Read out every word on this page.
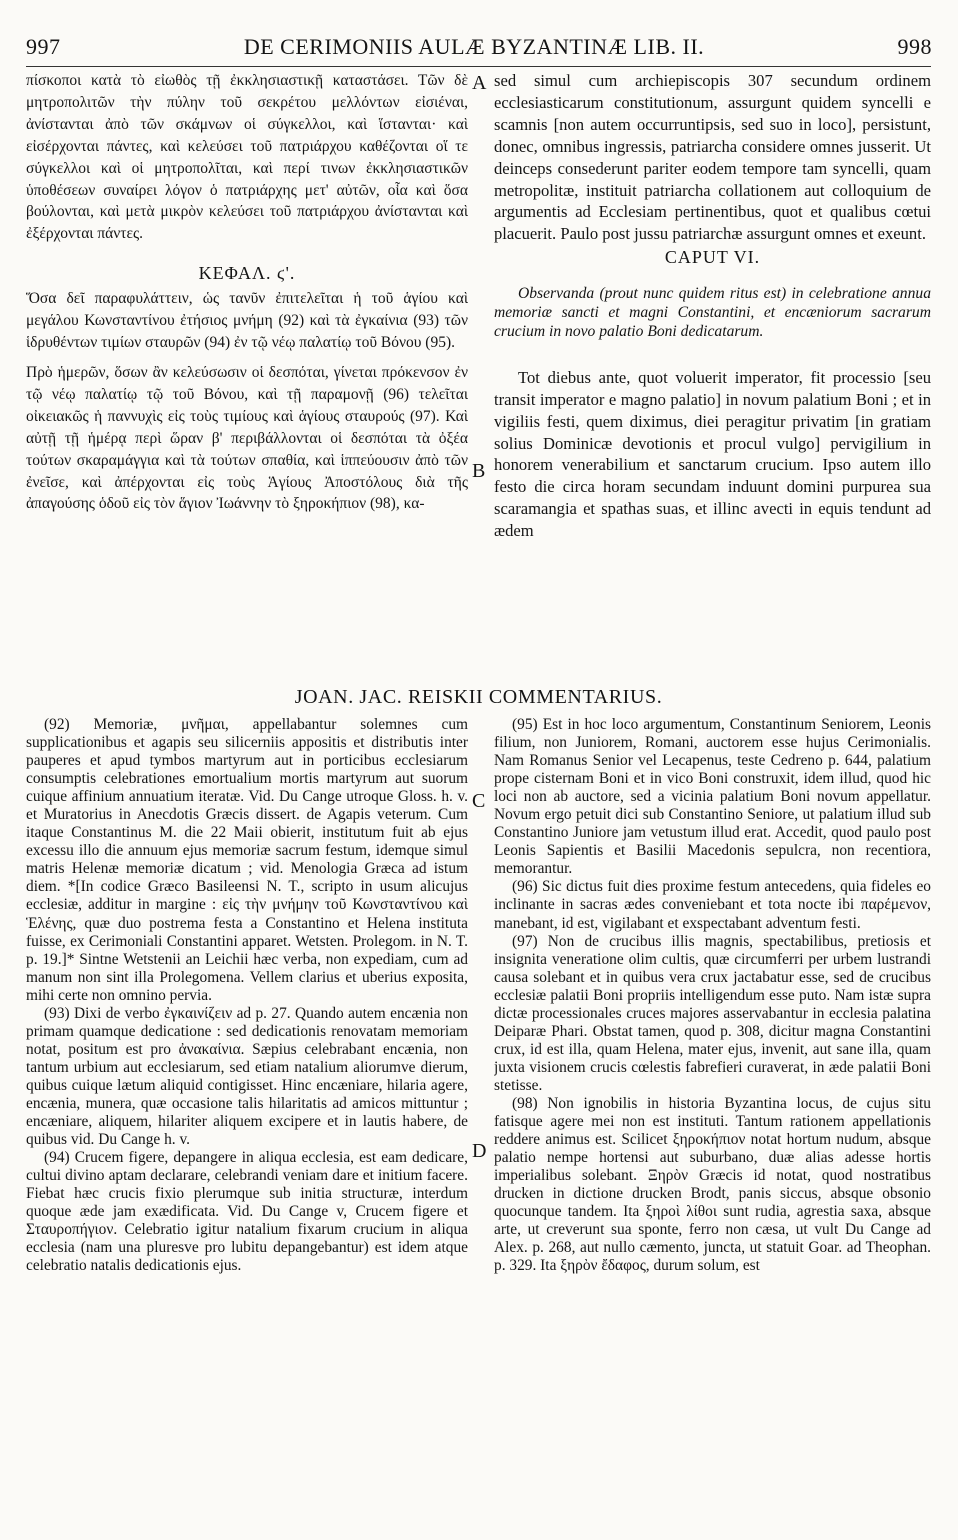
997	DE CERIMONIIS AULÆ BYZANTINÆ LIB. II.	998
A
B
C
D

πίσκοποι κατὰ τὸ εἰωθὸς τῇ ἐκκλησιαστικῇ καταστάσει. Τῶν δὲ μητροπολιτῶν τὴν πύλην τοῦ σεκρέτου μελλόντων εἰσιέναι, ἀνίστανται ἀπὸ τῶν σκάμνων οἱ σύγκελλοι, καὶ ἵστανται· καὶ εἰσέρχονται πάντες, καὶ κελεύσει τοῦ πατριάρχου καθέζονται οἵ τε σύγκελλοι καὶ οἱ μητροπολῖται, καὶ περί τινων ἐκκλησιαστικῶν ὑποθέσεων συναίρει λόγον ὁ πατριάρχης μετ' αὐτῶν, οἷα καὶ ὅσα βούλονται, καὶ μετὰ μικρὸν κελεύσει τοῦ πατριάρχου ἀνίστανται καὶ ἐξέρχονται πάντες.

ΚΕΦΑΛ. ϛ'.

Ὅσα δεῖ παραφυλάττειν, ὡς τανῦν ἐπιτελεῖται ἡ τοῦ ἁγίου καὶ μεγάλου Κωνσταντίνου ἐτήσιος μνήμη (92) καὶ τὰ ἐγκαίνια (93) τῶν ἱδρυθέντων τιμίων σταυρῶν (94) ἐν τῷ νέῳ παλατίῳ τοῦ Βόνου (95).

Πρὸ ἡμερῶν, ὅσων ἂν κελεύσωσιν οἱ δεσπόται, γίνεται πρόκενσον ἐν τῷ νέῳ παλατίῳ τῷ τοῦ Βόνου, καὶ τῇ παραμονῇ (96) τελεῖται οἰκειακῶς ἡ παννυχὶς εἰς τοὺς τιμίους καὶ ἁγίους σταυρούς (97). Καὶ αὐτῇ τῇ ἡμέρᾳ περὶ ὥραν β' περιβάλλονται οἱ δεσπόται τὰ ὀξέα τούτων σκαραμάγγια καὶ τὰ τούτων σπαθία, καὶ ἱππεύουσιν ἀπὸ τῶν ἐνεῖσε, καὶ ἀπέρχονται εἰς τοὺς Ἁγίους Ἀποστόλους διὰ τῆς ἀπαγούσης ὁδοῦ εἰς τὸν ἅγιον Ἰωάννην τὸ ξηροκήπιον (98), κα-

sed simul cum archiepiscopis 307 secundum ordinem ecclesiasticarum constitutionum, assurgunt quidem syncelli e scamnis [non autem occurruntipsis, sed suo in loco], persistunt, donec, omnibus ingressis, patriarcha considere omnes jusserit. Ut deinceps consederunt pariter eodem tempore tam syncelli, quam metropolitæ, instituit patriarcha collationem aut colloquium de argumentis ad Ecclesiam pertinentibus, quot et qualibus cœtui placuerit. Paulo post jussu patriarchæ assurgunt omnes et exeunt.

CAPUT VI.

Observanda (prout nunc quidem ritus est) in celebratione annua memoriæ sancti et magni Constantini, et encæniorum sacrarum crucium in novo palatio Boni dedicatarum.

Tot diebus ante, quot voluerit imperator, fit processio [seu transit imperator e magno palatio] in novum palatium Boni ; et in vigiliis festi, quem diximus, diei peragitur privatim [in gratiam solius Dominicæ devotionis et procul vulgo] pervigilium in honorem venerabilium et sanctarum crucium. Ipso autem illo festo die circa horam secundam induunt domini purpurea sua scaramangia et spathas suas, et illinc avecti in equis tendunt ad ædem

JOAN. JAC. REISKII COMMENTARIUS.

(92) Memoriæ, μνῆμαι, appellabantur solemnes cum supplicationibus et agapis seu silicerniis appositis et distributis inter pauperes et apud tymbos martyrum aut in porticibus ecclesiarum consumptis celebrationes emortualium mortis martyrum aut suorum cuique affinium annuatium iteratæ. Vid. Du Cange utroque Gloss. h. v. et Muratorius in Anecdotis Græcis dissert. de Agapis veterum. Cum itaque Constantinus M. die 22 Maii obierit, institutum fuit ab ejus excessu illo die annuum ejus memoriæ sacrum festum, idemque simul matris Helenæ memoriæ dicatum ; vid. Menologia Græca ad istum diem. *[In codice Græco Basileensi N. T., scripto in usum alicujus ecclesiæ, additur in margine : εἰς τὴν μνήμην τοῦ Κωνσταντίνου καὶ Ἑλένης, quæ duo postrema festa a Constantino et Helena instituta fuisse, ex Cerimoniali Constantini apparet. Wetsten. Prolegom. in N. T. p. 19.]* Sintne Wetstenii an Leichii hæc verba, non expediam, cum ad manum non sint illa Prolegomena. Vellem clarius et uberius exposita, mihi certe non omnino pervia.

(93) Dixi de verbo ἐγκαινίζειν ad p. 27. Quando autem encænia non primam quamque dedicatione : sed dedicationis renovatam memoriam notat, positum est pro ἀνακαίνια. Sæpius celebrabant encænia, non tantum urbium aut ecclesiarum, sed etiam natalium aliorumve dierum, quibus cuique lætum aliquid contigisset. Hinc encæniare, hilaria agere, encænia, munera, quæ occasione talis hilaritatis ad amicos mittuntur ; encæniare, aliquem, hilariter aliquem excipere et in lautis habere, de quibus vid. Du Cange h. v.

(94) Crucem figere, depangere in aliqua ecclesia, est eam dedicare, cultui divino aptam declarare, celebrandi veniam dare et initium facere. Fiebat hæc crucis fixio plerumque sub initia structuræ, interdum quoque æde jam exædificata. Vid. Du Cange v, Crucem figere et Σταυροπήγιον. Celebratio igitur natalium fixarum crucium in aliqua ecclesia (nam una pluresve pro lubitu depangebantur) est idem atque celebratio natalis dedicationis ejus.

(95) Est in hoc loco argumentum, Constantinum Seniorem, Leonis filium, non Juniorem, Romani, auctorem esse hujus Cerimonialis. Nam Romanus Senior vel Lecapenus, teste Cedreno p. 644, palatium prope cisternam Boni et in vico Boni construxit, idem illud, quod hic loci non ab auctore, sed a vicinia palatium Boni novum appellatur. Novum ergo petuit dici sub Constantino Seniore, ut palatium illud sub Constantino Juniore jam vetustum illud erat. Accedit, quod paulo post Leonis Sapientis et Basilii Macedonis sepulcra, non recentiora, memorantur.

(96) Sic dictus fuit dies proxime festum antecedens, quia fideles eo inclinante in sacras ædes conveniebant et tota nocte ibi παρέμενον, manebant, id est, vigilabant et exspectabant adventum festi.

(97) Non de crucibus illis magnis, spectabilibus, pretiosis et insignita veneratione olim cultis, quæ circumferri per urbem lustrandi causa solebant et in quibus vera crux jactabatur esse, sed de crucibus ecclesiæ palatii Boni propriis intelligendum esse puto. Nam istæ supra dictæ processionales cruces majores asservabantur in ecclesia palatina Deiparæ Phari. Obstat tamen, quod p. 308, dicitur magna Constantini crux, id est illa, quam Helena, mater ejus, invenit, aut sane illa, quam juxta visionem crucis cœlestis fabrefieri curaverat, in æde palatii Boni stetisse.

(98) Non ignobilis in historia Byzantina locus, de cujus situ fatisque agere mei non est instituti. Tantum rationem appellationis reddere animus est. Scilicet ξηροκήπιον notat hortum nudum, absque palatio nempe hortensi aut suburbano, duæ alias adesse hortis imperialibus solebant. Ξηρὸν Græcis id notat, quod nostratibus drucken in dictione drucken Brodt, panis siccus, absque obsonio quocunque tandem. Ita ξηροὶ λίθοι sunt rudia, agrestia saxa, absque arte, ut creverunt sua sponte, ferro non cæsa, ut vult Du Cange ad Alex. p. 268, aut nullo cæmento, juncta, ut statuit Goar. ad Theophan. p. 329. Ita ξηρὸν ἔδαφος, durum solum, est
